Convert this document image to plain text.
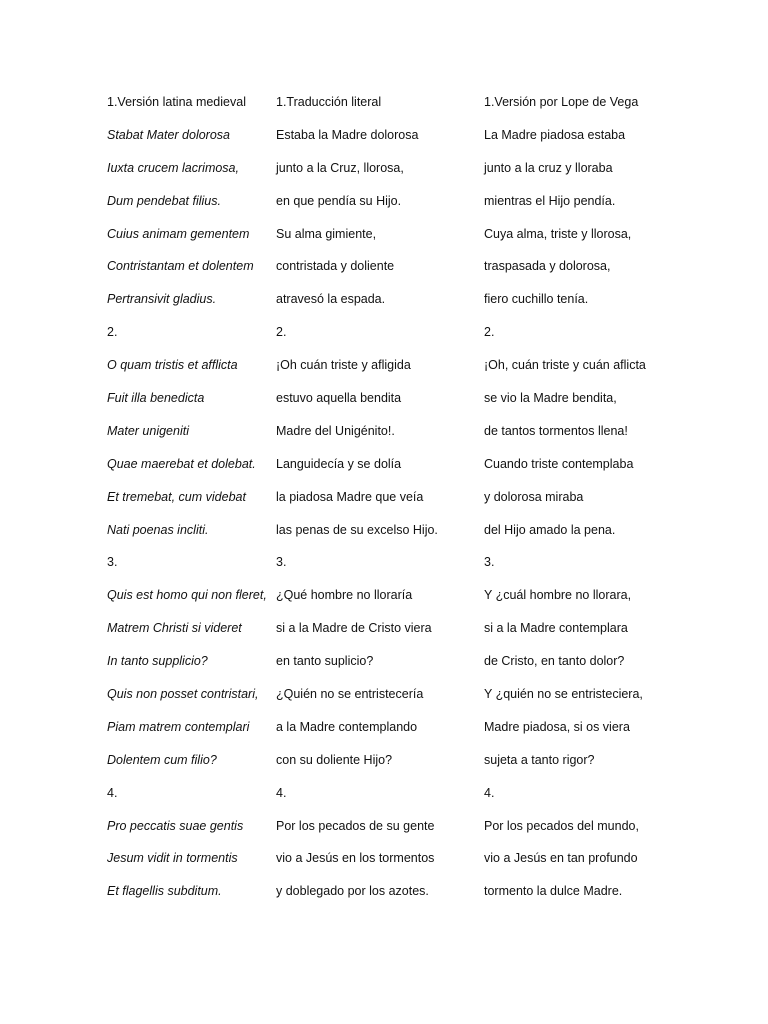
1.Versión latina medieval
Stabat Mater dolorosa
Iuxta crucem lacrimosa,
Dum pendebat filius.
Cuius animam gementem
Contristantam et dolentem
Pertransivit gladius.
2.
O quam tristis et afflicta
Fuit illa benedicta
Mater unigeniti
Quae maerebat et dolebat.
Et tremebat, cum videbat
Nati poenas incliti.
3.
Quis est homo qui non fleret,
Matrem Christi si videret
In tanto supplicio?
Quis non posset contristari,
Piam matrem contemplari
Dolentem cum filio?
4.
Pro peccatis suae gentis
Jesum vidit in tormentis
Et flagellis subditum.
1.Traducción literal
Estaba la Madre dolorosa
junto a la Cruz, llorosa,
en que pendía su Hijo.
Su alma gimiente,
contristada y doliente
atravesó la espada.
2.
¡Oh cuán triste y afligida
estuvo aquella bendita
Madre del Unigénito!.
Languidecía y se dolía
la piadosa Madre que veía
las penas de su excelso Hijo.
3.
¿Qué hombre no lloraría
si a la Madre de Cristo viera
en tanto suplicio?
¿Quién no se entristecería
a la Madre contemplando
con su doliente Hijo?
4.
Por los pecados de su gente
vio a Jesús en los tormentos
y doblegado por los azotes.
1.Versión por Lope de Vega
La Madre piadosa estaba
junto a la cruz y lloraba
mientras el Hijo pendía.
Cuya alma, triste y llorosa,
traspasada y dolorosa,
fiero cuchillo tenía.
2.
¡Oh, cuán triste y cuán aflicta
se vio la Madre bendita,
de tantos tormentos llena!
Cuando triste contemplaba
y dolorosa miraba
del Hijo amado la pena.
3.
Y ¿cuál hombre no llorara,
si a la Madre contemplara
de Cristo, en tanto dolor?
Y ¿quién no se entristeciera,
Madre piadosa, si os viera
sujeta a tanto rigor?
4.
Por los pecados del mundo,
vio a Jesús en tan profundo
tormento la dulce Madre.
